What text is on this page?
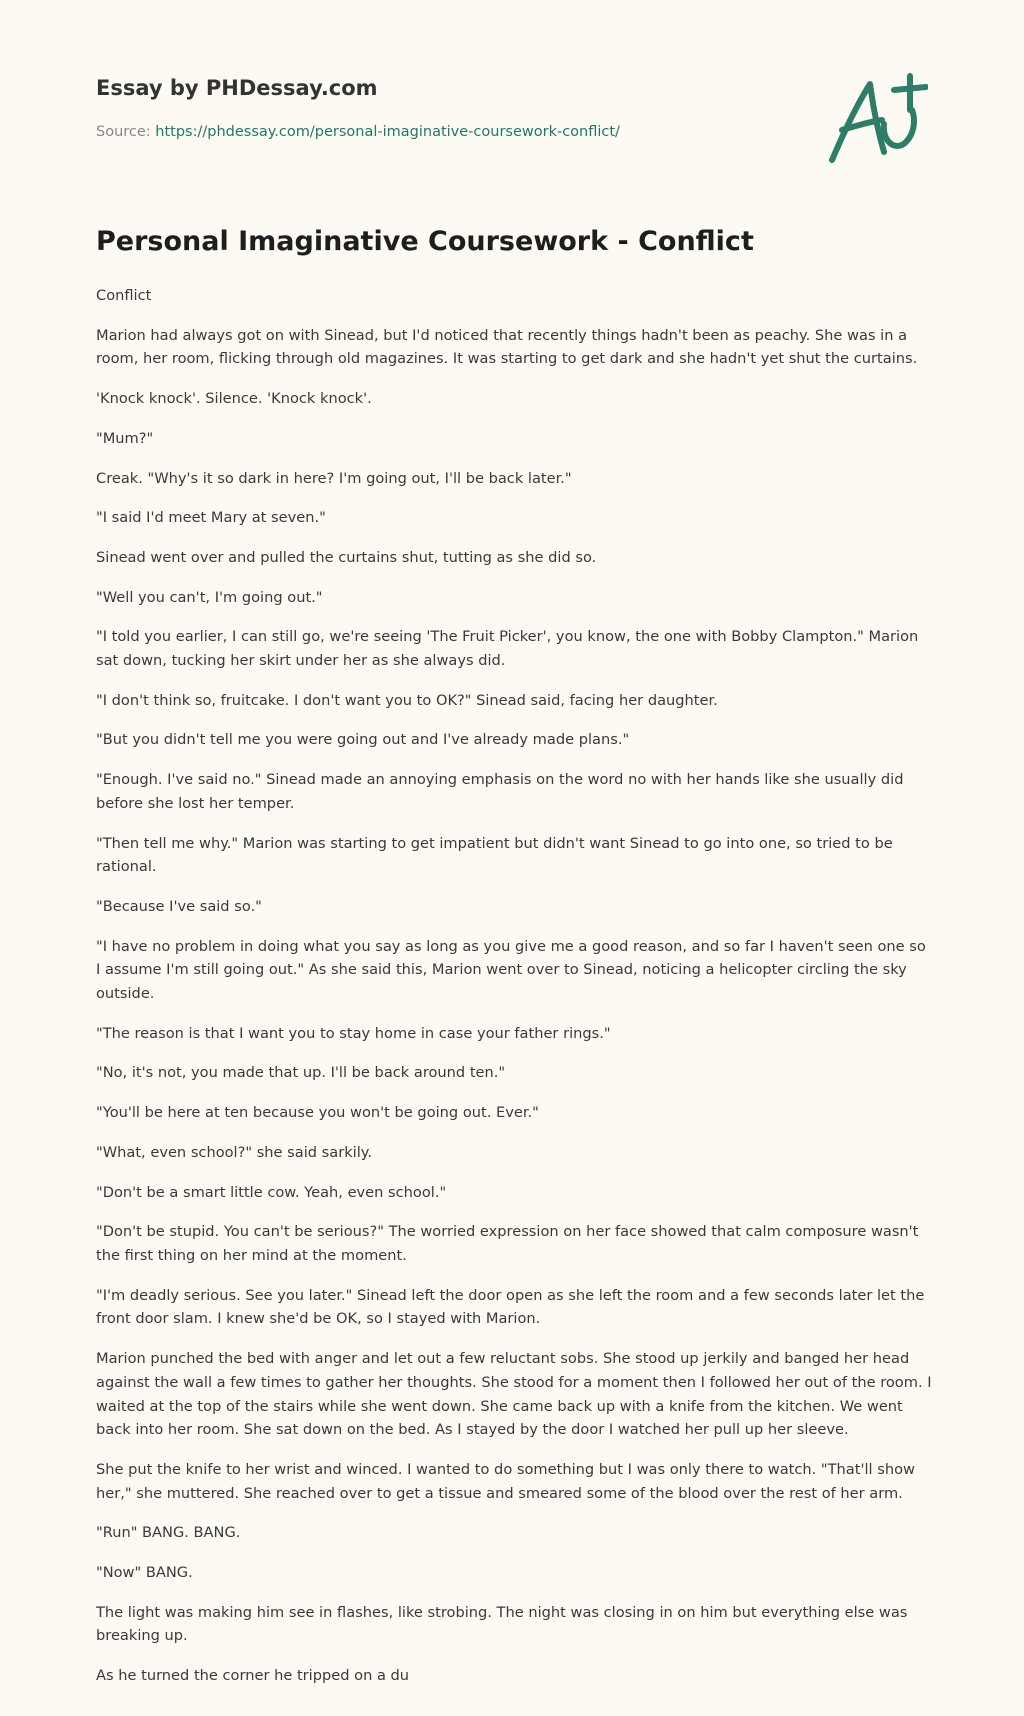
Essay by PHDessay.com

Source: https://phdessay.com/personal-imaginative-coursework-conflict/

Personal Imaginative Coursework - Conflict

Conflict

Marion had always got on with Sinead, but I'd noticed that recently things hadn't been as peachy. She was in a room, her room, flicking through old magazines. It was starting to get dark and she hadn't yet shut the curtains.

'Knock knock'. Silence. 'Knock knock'.

"Mum?"

Creak. "Why's it so dark in here? I'm going out, I'll be back later."

"I said I'd meet Mary at seven."

Sinead went over and pulled the curtains shut, tutting as she did so.

"Well you can't, I'm going out."

"I told you earlier, I can still go, we're seeing 'The Fruit Picker', you know, the one with Bobby Clampton." Marion sat down, tucking her skirt under her as she always did.

"I don't think so, fruitcake. I don't want you to OK?" Sinead said, facing her daughter.

"But you didn't tell me you were going out and I've already made plans."

"Enough. I've said no." Sinead made an annoying emphasis on the word no with her hands like she usually did before she lost her temper.

"Then tell me why." Marion was starting to get impatient but didn't want Sinead to go into one, so tried to be rational.

"Because I've said so."

"I have no problem in doing what you say as long as you give me a good reason, and so far I haven't seen one so I assume I'm still going out." As she said this, Marion went over to Sinead, noticing a helicopter circling the sky outside.

"The reason is that I want you to stay home in case your father rings."

"No, it's not, you made that up. I'll be back around ten."

"You'll be here at ten because you won't be going out. Ever."

"What, even school?" she said sarkily.

"Don't be a smart little cow. Yeah, even school."

"Don't be stupid. You can't be serious?" The worried expression on her face showed that calm composure wasn't the first thing on her mind at the moment.

"I'm deadly serious. See you later." Sinead left the door open as she left the room and a few seconds later let the front door slam. I knew she'd be OK, so I stayed with Marion.

Marion punched the bed with anger and let out a few reluctant sobs. She stood up jerkily and banged her head against the wall a few times to gather her thoughts. She stood for a moment then I followed her out of the room. I waited at the top of the stairs while she went down. She came back up with a knife from the kitchen. We went back into her room. She sat down on the bed. As I stayed by the door I watched her pull up her sleeve.

She put the knife to her wrist and winced. I wanted to do something but I was only there to watch. "That'll show her," she muttered. She reached over to get a tissue and smeared some of the blood over the rest of her arm.

"Run" BANG. BANG.

"Now" BANG.

The light was making him see in flashes, like strobing. The night was closing in on him but everything else was breaking up.

As he turned the corner he tripped on a du
